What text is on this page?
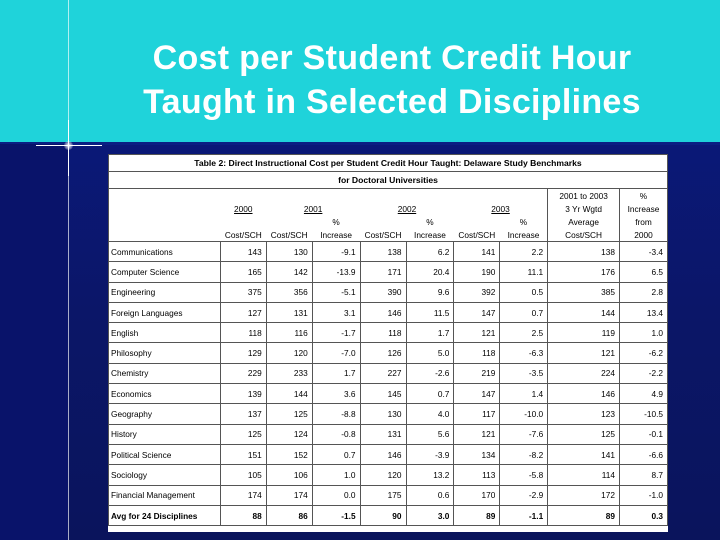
Cost per Student Credit Hour
Taught in Selected Disciplines
Table 2: Direct Instructional Cost per Student Credit Hour Taught: Delaware Study Benchmarks									
for Doctoral Universities									
								2001 to 2003	%
	2000	2001		2002		2003		3 Yr Wgtd	Increase
			%		%		%	Average	from
	Cost/SCH	Cost/SCH	Increase	Cost/SCH	Increase	Cost/SCH	Increase	Cost/SCH	2000
Communications	143	130	-9.1	138	6.2	141	2.2	138	-3.4
Computer Science	165	142	-13.9	171	20.4	190	11.1	176	6.5
Engineering	375	356	-5.1	390	9.6	392	0.5	385	2.8
Foreign Languages	127	131	3.1	146	11.5	147	0.7	144	13.4
English	118	116	-1.7	118	1.7	121	2.5	119	1.0
Philosophy	129	120	-7.0	126	5.0	118	-6.3	121	-6.2
Chemistry	229	233	1.7	227	-2.6	219	-3.5	224	-2.2
Economics	139	144	3.6	145	0.7	147	1.4	146	4.9
Geography	137	125	-8.8	130	4.0	117	-10.0	123	-10.5
History	125	124	-0.8	131	5.6	121	-7.6	125	-0.1
Political Science	151	152	0.7	146	-3.9	134	-8.2	141	-6.6
Sociology	105	106	1.0	120	13.2	113	-5.8	114	8.7
Financial Management	174	174	0.0	175	0.6	170	-2.9	172	-1.0
Avg for 24 Disciplines	88	86	-1.5	90	3.0	89	-1.1	89	0.3
